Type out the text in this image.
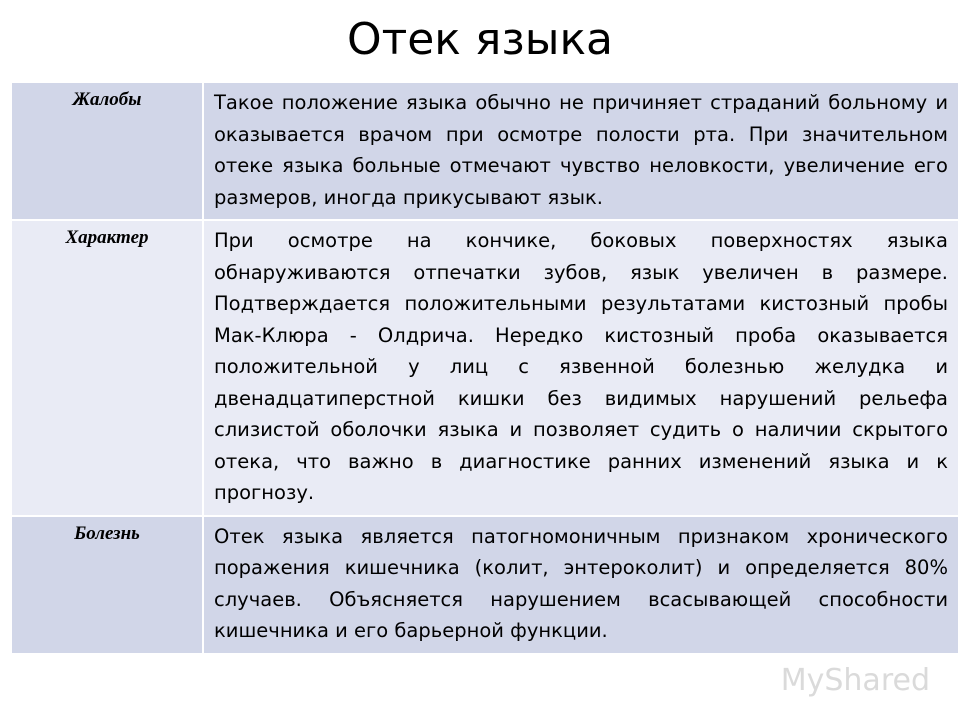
Отек языка
Жалобы	Такое положение языка обычно не причиняет страданий больному и оказывается врачом при осмотре полости рта. При значительном отеке языка больные отмечают чувство неловкости, увеличение его размеров, иногда прикусывают язык.
Характер	При осмотре на кончике, боковых поверхностях языка обнаруживаются отпечатки зубов, язык увеличен в размере. Подтверждается положительными результатами кистозный пробы Мак-Клюра - Олдрича. Нередко кистозный проба оказывается положительной у лиц с язвенной болезнью желудка и двенадцатиперстной кишки без видимых нарушений рельефа слизистой оболочки языка и позволяет судить о наличии скрытого отека, что важно в диагностике ранних изменений языка и к прогнозу.
Болезнь	Отек языка является патогномоничным признаком хронического поражения кишечника (колит, энтероколит) и определяется 80% случаев. Объясняется нарушением всасывающей способности кишечника и его барьерной функции.
MyShared
